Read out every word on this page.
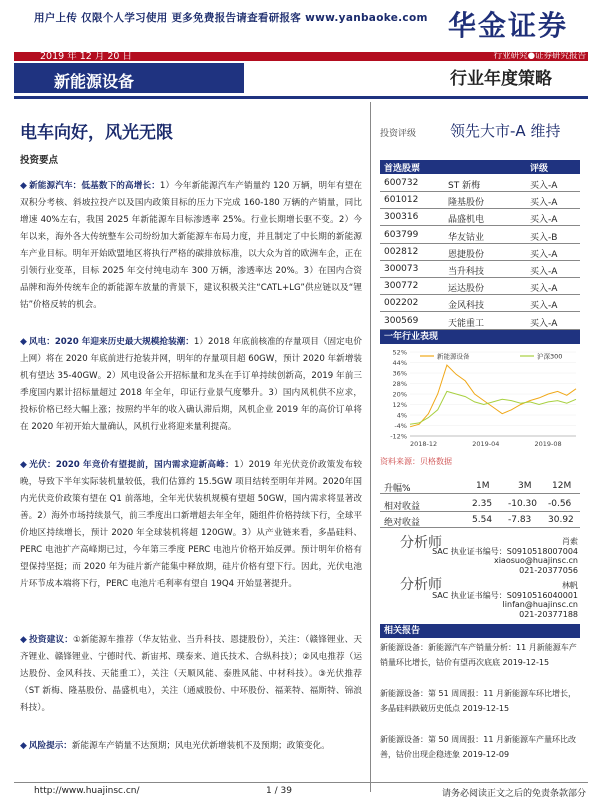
用户上传 仅限个人学习使用 更多免费报告请查看研报客 www.yanbaoke.com 华金证券
2019 年 12 月 20 日	行业研究●证券研究报告
新能源设备	行业年度策略
电车向好，风光无限
投资要点
投资评级 领先大市-A 维持
◆ 新能源汽车：低基数下的高增长：1）今年新能源汽车产销量约 120 万辆，明年有望在双积分考核、斜坡拉投产以及国内政策目标的压力下完成 160-180 万辆的产销量，同比增速 40%左右，我国 2025 年新能源车目标渗透率 25%。行业长期增长驱不变。2）今年以来，海外各大传统整车公司纷纷加大新能源车布局力度，并且制定了中长期的新能源车产业目标。明年开始欧盟地区将执行严格的碳排放标准，以大众为首的欧洲车企，正在引领行业变革，目标 2025 年交付纯电动车 300 万辆，渗透率达 20%。3）在国内合资品牌和海外传统车企的新能源车放量的背景下，建议积极关注“CATL+LG”供应链以及“锂钴”价格反转的机会。
◆ 风电：2020 年迎来历史最大规模抢装潮：1）2018 年底前核准的存量项目（固定电价上网）将在 2020 年底前进行抢装并网，明年的存量项目超 60GW，预计 2020 年新增装机有望达 35-40GW。2）风电设备公开招标量和龙头在手订单持续创新高，2019 年前三季度国内累计招标量超过 2018 年全年，印证行业景气度攀升。3）国内风机供不应求，投标价格已经大幅上涨；按照约半年的收入确认滞后期，风机企业 2019 年的高价订单将在 2020 年初开始大量确认，风机行业将迎来量利提高。
◆ 光伏：2020 年竞价有望提前，国内需求迎新高峰：1）2019 年光伏竞价政策发布较晚，导致下半年实际装机量较低，我们估算约 15.5GW 项目结转至明年并网。2020年国内光伏竞价政策有望在 Q1 前落地，全年光伏装机规模有望超 50GW，国内需求将显著改善。2）海外市场持续景气，前三季度出口新增超去年全年，随组件价格持续下行，全球平价地区持续增长，预计 2020 年全球装机将超 120GW。3）从产业链来看，多晶硅料、PERC 电池扩产高峰期已过，今年第三季度 PERC 电池片价格开始反弹。预计明年价格有望保持坚挺；而 2020 年为硅片新产能集中释放期，硅片价格有望下行。因此，光伏电池片环节成本端将下行，PERC 电池片毛利率有望自 19Q4 开始显著提升。
◆ 投资建议：①新能源车推荐（华友钴业、当升科技、恩捷股份），关注：（赣锋锂业、天齐锂业、赣锋锂业、宁德时代、新宙邦、璞泰来、道氏技术、合纵科技）；②风电推荐（运达股份、金风科技、天能重工），关注（天顺风能、泰胜风能、中材科技）。③光伏推荐（ST 新梅、隆基股份、晶盛机电），关注（通威股份、中环股份、福莱特、福斯特、锦浪科技）。
◆ 风险提示：新能源车产销量不达预期；风电光伏新增装机不及预期；政策变化。
首选股票	评级
600732	ST 新梅	买入-A
601012	隆基股份	买入-A
300316	晶盛机电	买入-A
603799	华友钴业	买入-B
002812	恩捷股份	买入-A
300073	当升科技	买入-A
300772	运达股份	买入-A
002202	金风科技	买入-A
300569	天能重工	买入-A
一年行业表现
52%
44%
36%
28%
20%
12%
4%
-4%
-12%
2018-12	2019-04	2019-08
新能源设备	沪深300
资料来源：贝格数据
升幅%	1M	3M 12M
相对收益	2.35 -10.30 -0.56
绝对收益	5.54 -7.83 30.92
分析师	肖索
SAC 执业证书编号：S0910518007004
xiaosuo@huajinsc.cn
021-20377056
分析师	林帆
SAC 执业证书编号：S0910516040001
linfan@huajinsc.cn
021-20377188
相关报告
新能源设备：新能源汽车产销量分析：11 月新能源车产销量环比增长，钴价有望再次底底 2019-12-15
新能源设备：第 51 周周报：11 月新能源车环比增长，多晶硅料跌破历史低点 2019-12-15
新能源设备：第 50 周周报：11 月新能源车产量环比改善，钴价出现企稳迹象 2019-12-09
http://www.huajinsc.cn/	1 / 39	请务必阅读正文之后的免责条款部分
